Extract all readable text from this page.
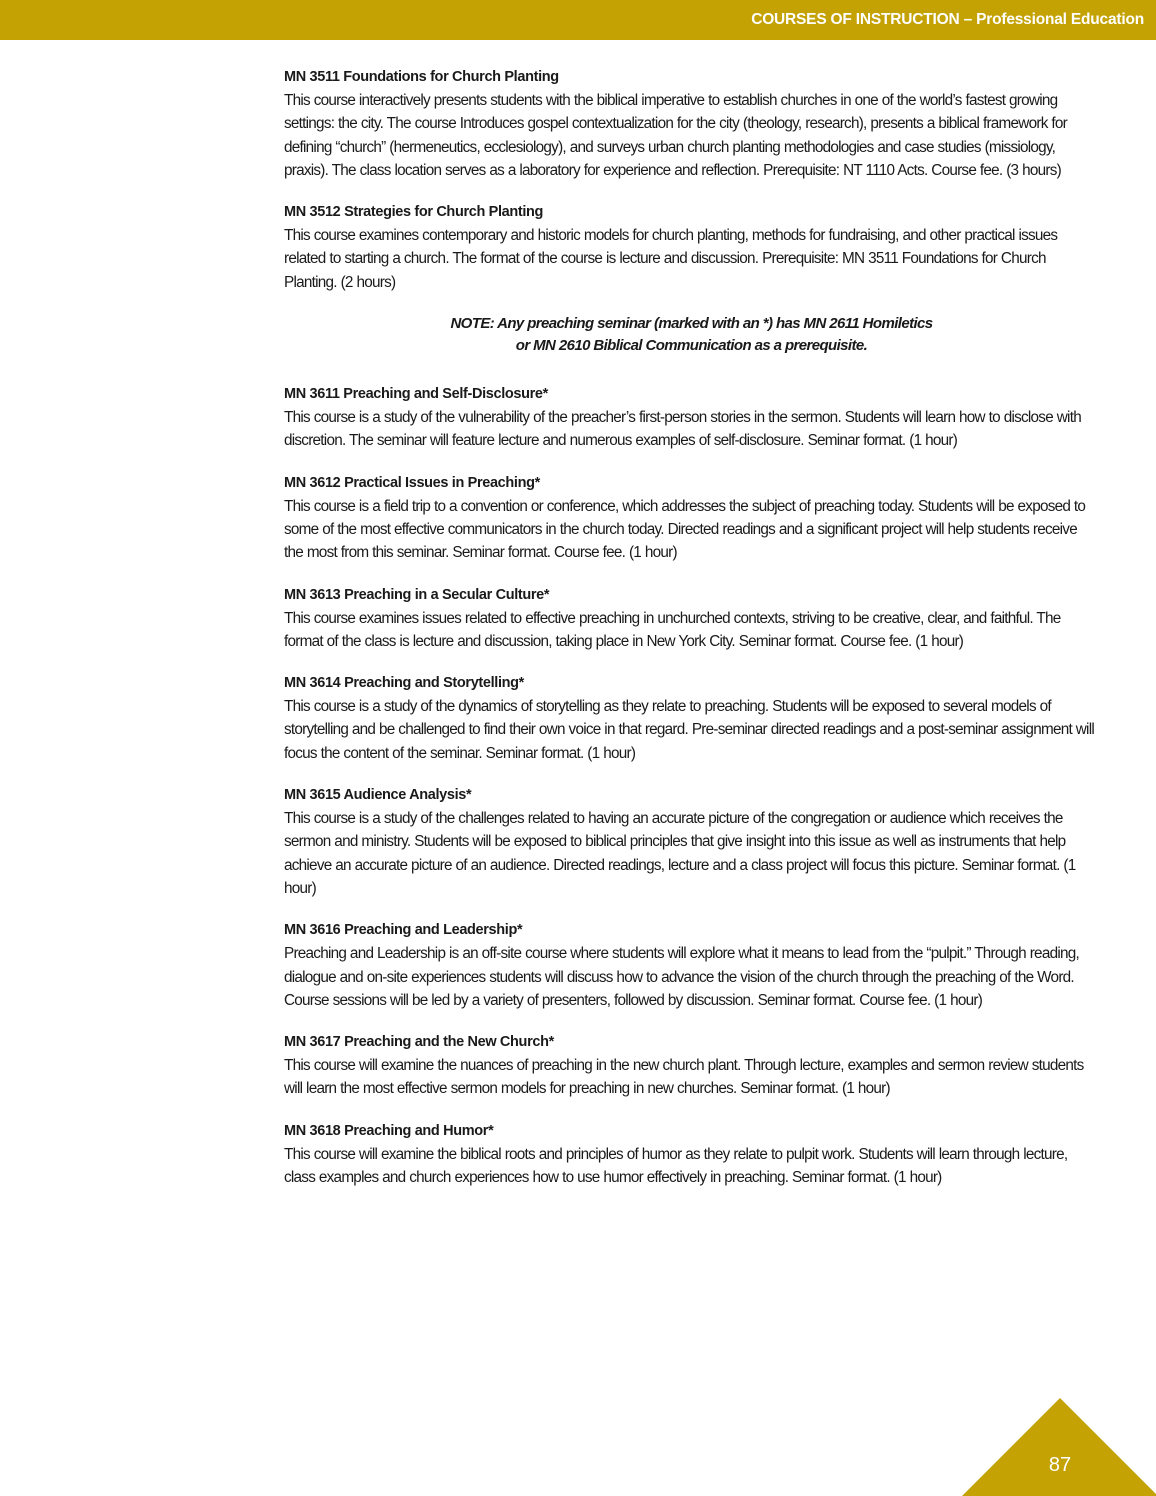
COURSES OF INSTRUCTION – Professional Education
MN 3511 Foundations for Church Planting
This course interactively presents students with the biblical imperative to establish churches in one of the world’s fastest growing settings: the city. The course Introduces gospel contextualization for the city (theology, research), presents a biblical framework for defining “church” (hermeneutics, ecclesiology), and surveys urban church planting methodologies and case studies (missiology, praxis). The class location serves as a laboratory for experience and reflection. Prerequisite: NT 1110 Acts. Course fee. (3 hours)
MN 3512 Strategies for Church Planting
This course examines contemporary and historic models for church planting, methods for fundraising, and other practical issues related to starting a church. The format of the course is lecture and discussion. Prerequisite: MN 3511 Foundations for Church Planting. (2 hours)
NOTE: Any preaching seminar (marked with an *) has MN 2611 Homiletics
or MN 2610 Biblical Communication as a prerequisite.
MN 3611 Preaching and Self-Disclosure*
This course is a study of the vulnerability of the preacher’s first-person stories in the sermon. Students will learn how to disclose with discretion. The seminar will feature lecture and numerous examples of self-disclosure. Seminar format. (1 hour)
MN 3612 Practical Issues in Preaching*
This course is a field trip to a convention or conference, which addresses the subject of preaching today. Students will be exposed to some of the most effective communicators in the church today. Directed readings and a significant project will help students receive the most from this seminar. Seminar format. Course fee. (1 hour)
MN 3613 Preaching in a Secular Culture*
This course examines issues related to effective preaching in unchurched contexts, striving to be creative, clear, and faithful. The format of the class is lecture and discussion, taking place in New York City. Seminar format. Course fee. (1 hour)
MN 3614 Preaching and Storytelling*
This course is a study of the dynamics of storytelling as they relate to preaching. Students will be exposed to several models of storytelling and be challenged to find their own voice in that regard. Pre-seminar directed readings and a post-seminar assignment will focus the content of the seminar. Seminar format. (1 hour)
MN 3615 Audience Analysis*
This course is a study of the challenges related to having an accurate picture of the congregation or audience which receives the sermon and ministry. Students will be exposed to biblical principles that give insight into this issue as well as instruments that help achieve an accurate picture of an audience. Directed readings, lecture and a class project will focus this picture. Seminar format. (1 hour)
MN 3616 Preaching and Leadership*
Preaching and Leadership is an off-site course where students will explore what it means to lead from the “pulpit.” Through reading, dialogue and on-site experiences students will discuss how to advance the vision of the church through the preaching of the Word. Course sessions will be led by a variety of presenters, followed by discussion. Seminar format. Course fee. (1 hour)
MN 3617 Preaching and the New Church*
This course will examine the nuances of preaching in the new church plant. Through lecture, examples and sermon review students will learn the most effective sermon models for preaching in new churches. Seminar format. (1 hour)
MN 3618 Preaching and Humor*
This course will examine the biblical roots and principles of humor as they relate to pulpit work. Students will learn through lecture, class examples and church experiences how to use humor effectively in preaching. Seminar format. (1 hour)
87
